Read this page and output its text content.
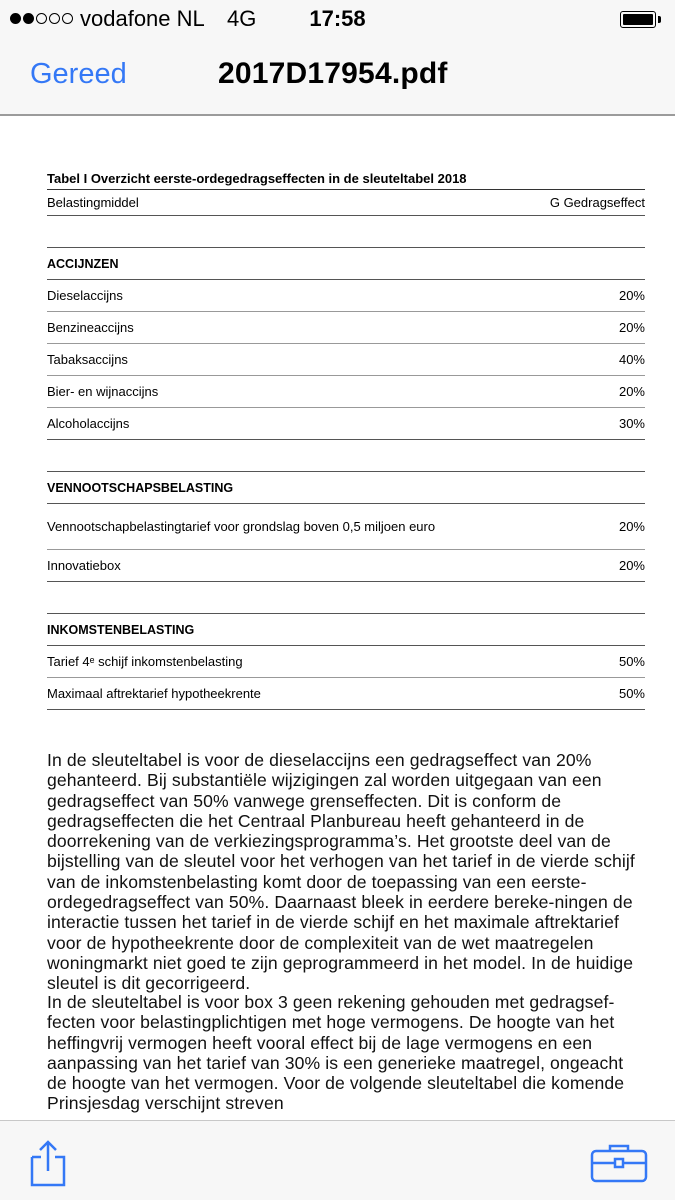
vodafone NL 4G	17:58
Gereed	2017D17954.pdf
Tabel I Overzicht eerste-ordegedragseffecten in de sleuteltabel 2018
Belastingmiddel	G Gedragseffect
ACCIJNZEN
Dieselaccijns	20%
Benzineaccijns	20%
Tabaksaccijns	40%
Bier- en wijnaccijns	20%
Alcoholaccijns	30%
VENNOOTSCHAPSBELASTING
Vennootschapbelastingtarief voor grondslag boven 0,5 miljoen euro	20%
Innovatiebox	20%
INKOMSTENBELASTING
Tarief 4ᵉ schijf inkomstenbelasting	50%
Maximaal aftrektarief hypotheekrente	50%

In de sleuteltabel is voor de dieselaccijns een gedragseffect van 20% gehanteerd. Bij substantiële wijzigingen zal worden uitgegaan van een gedragseffect van 50% vanwege grenseffecten. Dit is conform de gedragseffecten die het Centraal Planbureau heeft gehanteerd in de doorrekening van de verkiezingsprogramma’s. Het grootste deel van de bijstelling van de sleutel voor het verhogen van het tarief in de vierde schijf van de inkomstenbelasting komt door de toepassing van een eerste-ordegedragseffect van 50%. Daarnaast bleek in eerdere bereke-ningen de interactie tussen het tarief in de vierde schijf en het maximale aftrektarief voor de hypotheekrente door de complexiteit van de wet maatregelen woningmarkt niet goed te zijn geprogrammeerd in het model. In de huidige sleutel is dit gecorrigeerd.

In de sleuteltabel is voor box 3 geen rekening gehouden met gedragsef-fecten voor belastingplichtigen met hoge vermogens. De hoogte van het heffingvrij vermogen heeft vooral effect bij de lage vermogens en een aanpassing van het tarief van 30% is een generieke maatregel, ongeacht de hoogte van het vermogen. Voor de volgende sleuteltabel die komende Prinsjesdag verschijnt streven
